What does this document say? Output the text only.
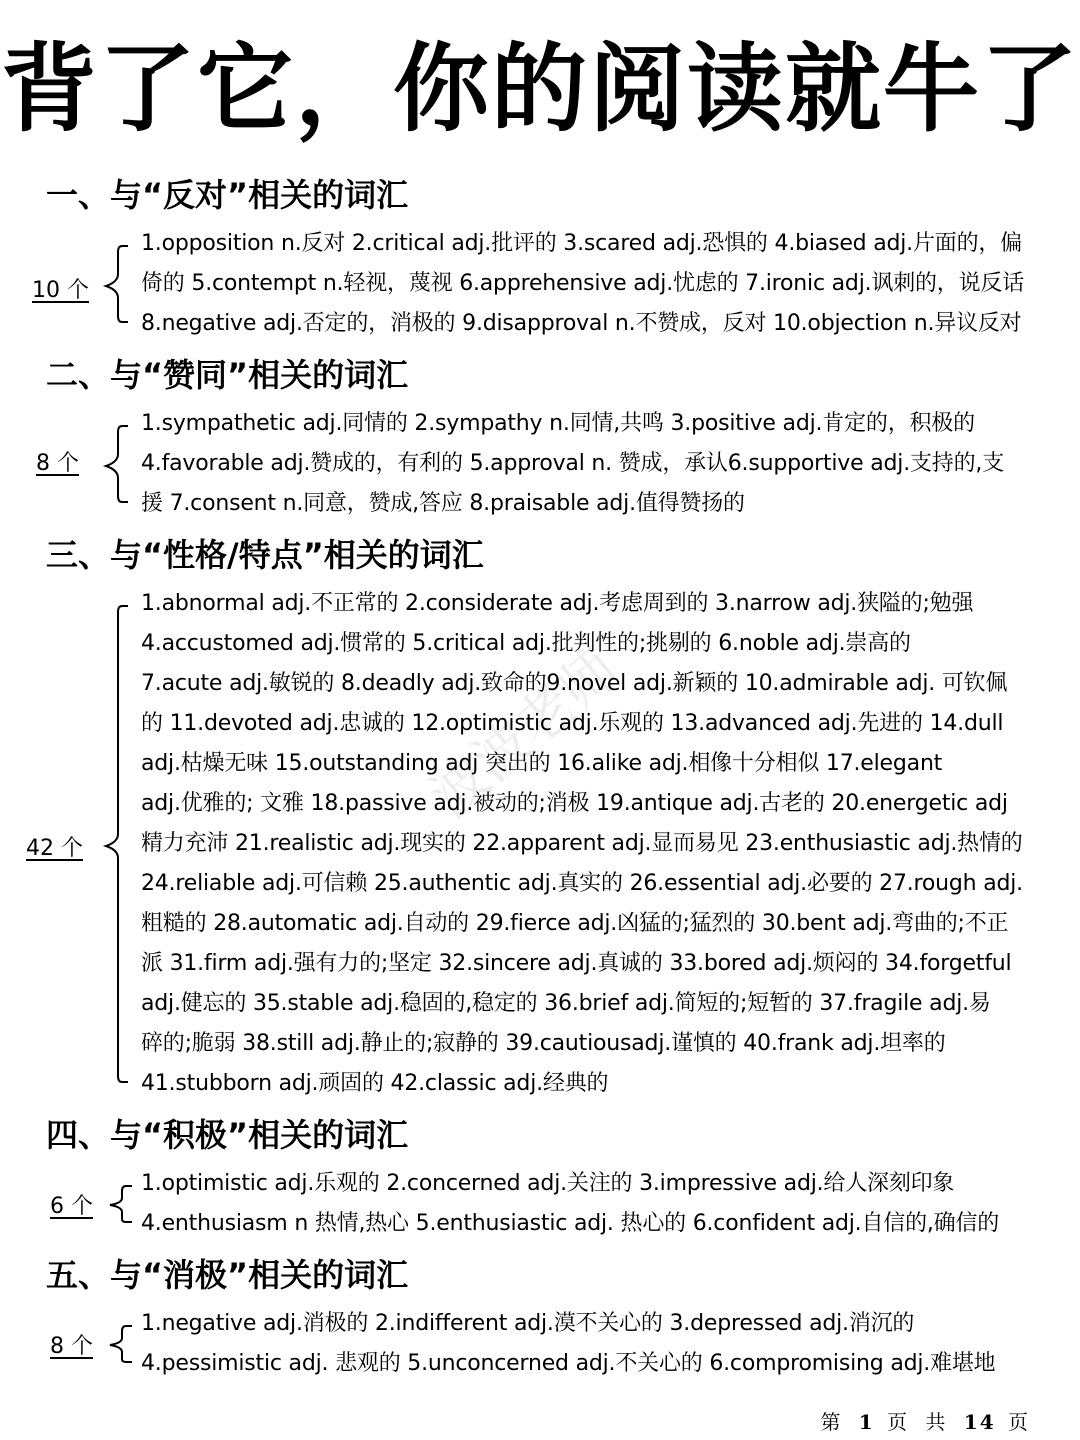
背了它，你的阅读就牛了
波波老师
一、与“反对”相关的词汇
10 个
1.opposition n.反对 2.critical adj.批评的 3.scared adj.恐惧的 4.biased adj.片面的，偏
倚的 5.contempt n.轻视，蔑视 6.apprehensive adj.忧虑的 7.ironic adj.讽刺的，说反话
8.negative adj.否定的，消极的 9.disapproval n.不赞成，反对 10.objection n.异议反对
二、与“赞同”相关的词汇
8 个
1.sympathetic adj.同情的 2.sympathy n.同情,共鸣 3.positive adj.肯定的，积极的
4.favorable adj.赞成的，有利的 5.approval n. 赞成，承认6.supportive adj.支持的,支
援 7.consent n.同意，赞成,答应 8.praisable adj.值得赞扬的
三、与“性格/特点”相关的词汇
42 个
1.abnormal adj.不正常的 2.considerate adj.考虑周到的 3.narrow adj.狭隘的;勉强
4.accustomed adj.惯常的 5.critical adj.批判性的;挑剔的 6.noble adj.崇高的
7.acute adj.敏锐的 8.deadly adj.致命的9.novel adj.新颖的 10.admirable adj. 可钦佩
的 11.devoted adj.忠诚的 12.optimistic adj.乐观的 13.advanced adj.先进的 14.dull
adj.枯燥无味 15.outstanding adj 突出的 16.alike adj.相像十分相似 17.elegant
adj.优雅的; 文雅 18.passive adj.被动的;消极 19.antique adj.古老的 20.energetic adj
精力充沛 21.realistic adj.现实的 22.apparent adj.显而易见 23.enthusiastic adj.热情的
24.reliable adj.可信赖 25.authentic adj.真实的 26.essential adj.必要的 27.rough adj.
粗糙的 28.automatic adj.自动的 29.fierce adj.凶猛的;猛烈的 30.bent adj.弯曲的;不正
派 31.firm adj.强有力的;坚定 32.sincere adj.真诚的 33.bored adj.烦闷的 34.forgetful
adj.健忘的 35.stable adj.稳固的,稳定的 36.brief adj.简短的;短暂的 37.fragile adj.易
碎的;脆弱 38.still adj.静止的;寂静的 39.cautiousadj.谨慎的 40.frank adj.坦率的
41.stubborn adj.顽固的 42.classic adj.经典的
四、与“积极”相关的词汇
6 个
1.optimistic adj.乐观的 2.concerned adj.关注的 3.impressive adj.给人深刻印象
4.enthusiasm n 热情,热心 5.enthusiastic adj. 热心的 6.confident adj.自信的,确信的
五、与“消极”相关的词汇
8 个
1.negative adj.消极的 2.indifferent adj.漠不关心的 3.depressed adj.消沉的
4.pessimistic adj. 悲观的 5.unconcerned adj.不关心的 6.compromising adj.难堪地
第 1 页 共 14 页
